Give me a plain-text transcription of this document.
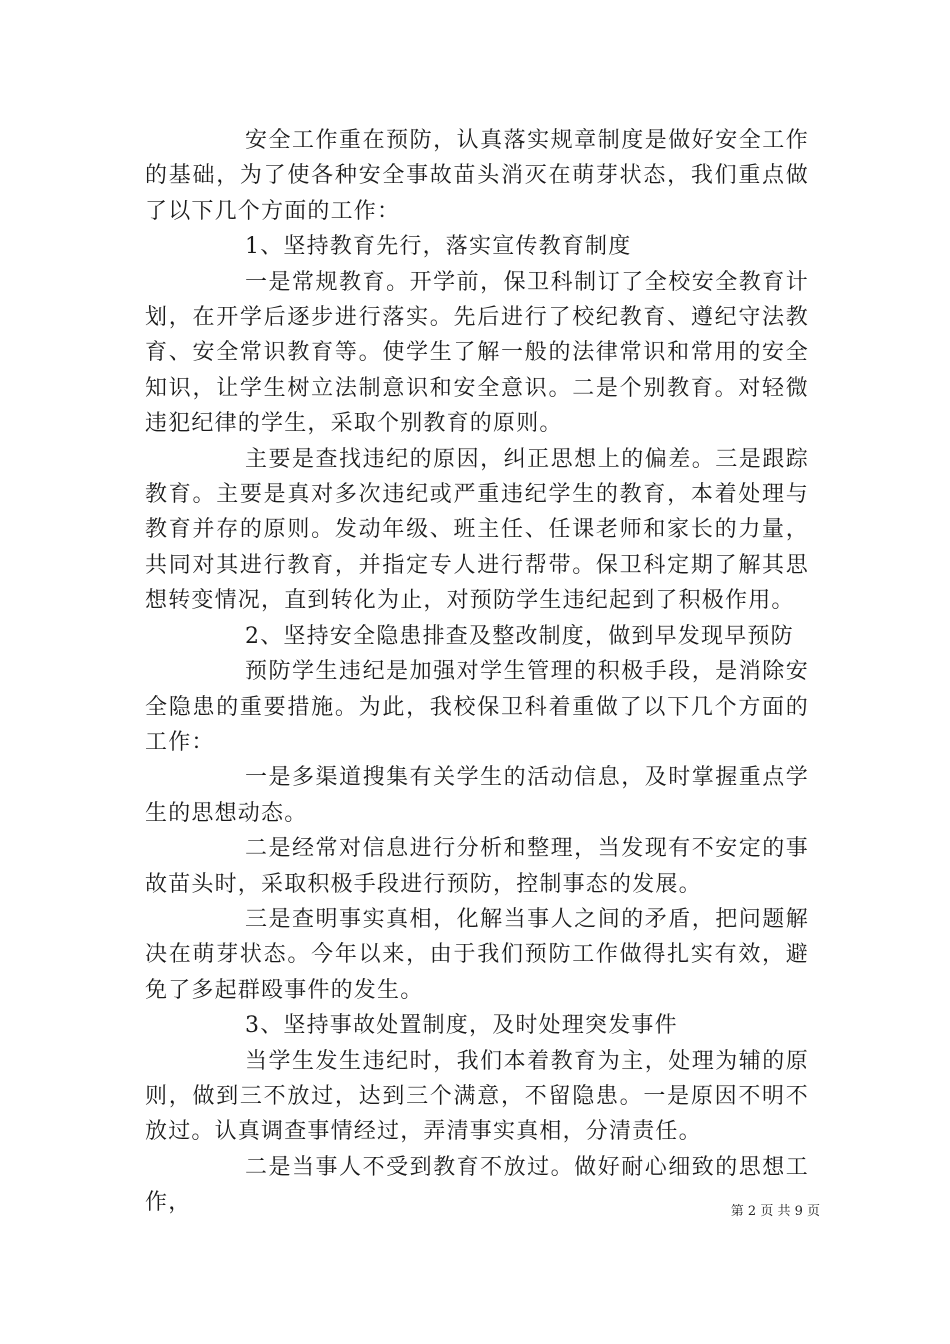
安全工作重在预防，认真落实规章制度是做好安全工作的基础，为了使各种安全事故苗头消灭在萌芽状态，我们重点做了以下几个方面的工作：

1、坚持教育先行，落实宣传教育制度

一是常规教育。开学前，保卫科制订了全校安全教育计划，在开学后逐步进行落实。先后进行了校纪教育、遵纪守法教育、安全常识教育等。使学生了解一般的法律常识和常用的安全知识，让学生树立法制意识和安全意识。二是个别教育。对轻微违犯纪律的学生，采取个别教育的原则。

主要是查找违纪的原因，纠正思想上的偏差。三是跟踪教育。主要是真对多次违纪或严重违纪学生的教育，本着处理与教育并存的原则。发动年级、班主任、任课老师和家长的力量，共同对其进行教育，并指定专人进行帮带。保卫科定期了解其思想转变情况，直到转化为止，对预防学生违纪起到了积极作用。

2、坚持安全隐患排查及整改制度，做到早发现早预防

预防学生违纪是加强对学生管理的积极手段，是消除安全隐患的重要措施。为此，我校保卫科着重做了以下几个方面的工作：

一是多渠道搜集有关学生的活动信息，及时掌握重点学生的思想动态。

二是经常对信息进行分析和整理，当发现有不安定的事故苗头时，采取积极手段进行预防，控制事态的发展。

三是查明事实真相，化解当事人之间的矛盾，把问题解决在萌芽状态。今年以来，由于我们预防工作做得扎实有效，避免了多起群殴事件的发生。

3、坚持事故处置制度，及时处理突发事件

当学生发生违纪时，我们本着教育为主，处理为辅的原则，做到三不放过，达到三个满意，不留隐患。一是原因不明不放过。认真调查事情经过，弄清事实真相，分清责任。

二是当事人不受到教育不放过。做好耐心细致的思想工作，	第 2 页 共 9 页
